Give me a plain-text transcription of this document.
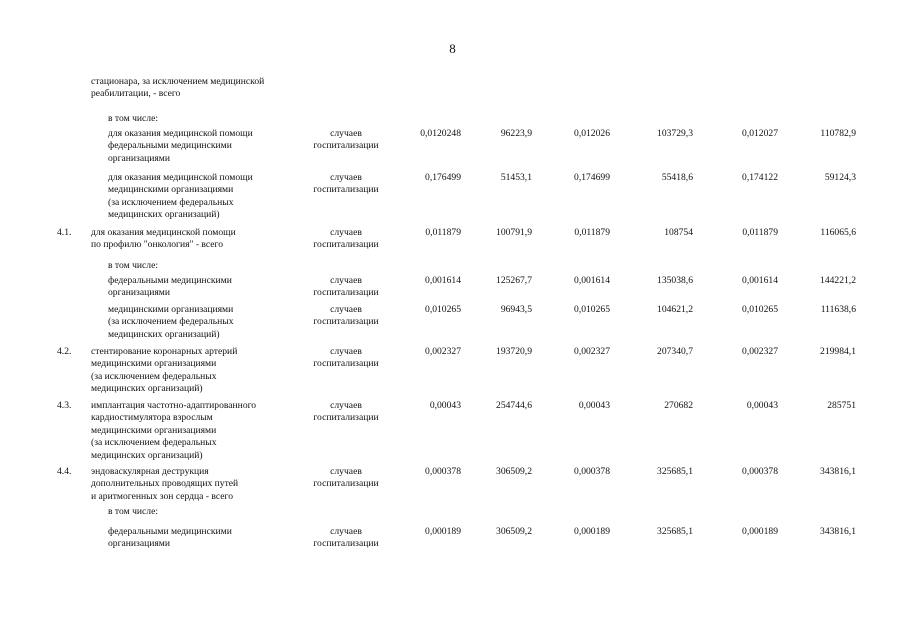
8
стационара, за исключением медицинской
реабилитации, - всего
в том числе:
для оказания медицинской помощи
федеральными медицинскими
организациями
случаев
госпитализации
0,0120248	96223,9	0,012026	103729,3	0,012027	110782,9
для оказания медицинской помощи
медицинскими организациями
(за исключением федеральных
медицинских организаций)
случаев
госпитализации
0,176499	51453,1	0,174699	55418,6	0,174122	59124,3
4.1. для оказания медицинской помощи
по профилю "онкология" - всего
случаев
госпитализации
0,011879	100791,9	0,011879	108754	0,011879	116065,6
в том числе:
федеральными медицинскими
организациями
случаев
госпитализации
0,001614	125267,7	0,001614	135038,6	0,001614	144221,2
медицинскими организациями
(за исключением федеральных
медицинских организаций)
случаев
госпитализации
0,010265	96943,5	0,010265	104621,2	0,010265	111638,6
4.2. стентирование коронарных артерий
медицинскими организациями
(за исключением федеральных
медицинских организаций)
случаев
госпитализации
0,002327	193720,9	0,002327	207340,7	0,002327	219984,1
4.3. имплантация частотно-адаптированного
кардиостимулятора взрослым
медицинскими организациями
(за исключением федеральных
медицинских организаций)
случаев
госпитализации
0,00043	254744,6	0,00043	270682	0,00043	285751
4.4. эндоваскулярная деструкция
дополнительных проводящих путей
и аритмогенных зон сердца - всего
случаев
госпитализации
0,000378	306509,2	0,000378	325685,1	0,000378	343816,1
в том числе:
федеральными медицинскими
организациями
случаев
госпитализации
0,000189	306509,2	0,000189	325685,1	0,000189	343816,1
